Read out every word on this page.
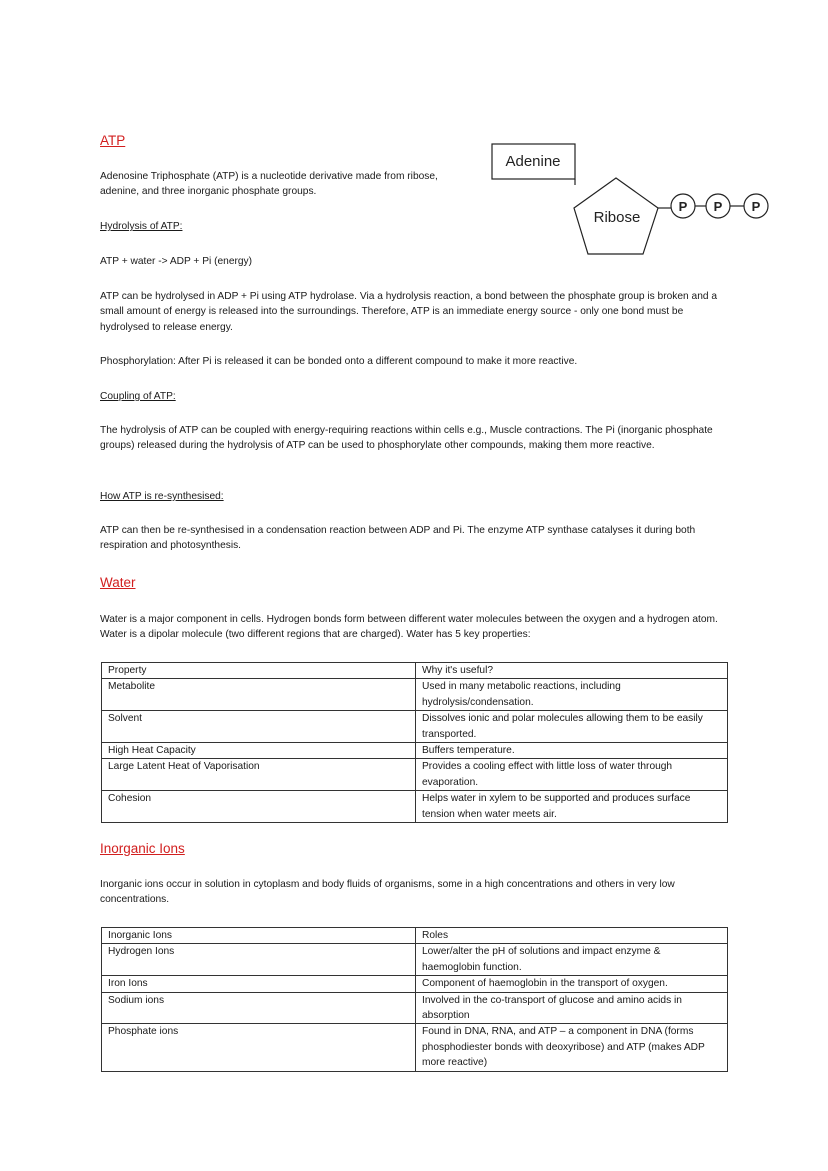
ATP

Adenosine Triphosphate (ATP) is a nucleotide derivative made from ribose, adenine, and three inorganic phosphate groups.

Hydrolysis of ATP:

ATP + water -> ADP + Pi (energy)

ATP can be hydrolysed in ADP + Pi using ATP hydrolase. Via a hydrolysis reaction, a bond between the phosphate group is broken and a small amount of energy is released into the surroundings. Therefore, ATP is an immediate energy source - only one bond must be hydrolysed to release energy.

Phosphorylation: After Pi is released it can be bonded onto a different compound to make it more reactive.

Coupling of ATP:

The hydrolysis of ATP can be coupled with energy-requiring reactions within cells e.g., Muscle contractions. The Pi (inorganic phosphate groups) released during the hydrolysis of ATP can be used to phosphorylate other compounds, making them more reactive.

How ATP is re-synthesised:

ATP can then be re-synthesised in a condensation reaction between ADP and Pi. The enzyme ATP synthase catalyses it during both respiration and photosynthesis.

Adenine
Ribose
P P P
Water

Water is a major component in cells. Hydrogen bonds form between different water molecules between the oxygen and a hydrogen atom. Water is a dipolar molecule (two different regions that are charged). Water has 5 key properties:

Property	Why it's useful?
Metabolite	Used in many metabolic reactions, including hydrolysis/condensation.
Solvent	Dissolves ionic and polar molecules allowing them to be easily transported.
High Heat Capacity	Buffers temperature.
Large Latent Heat of Vaporisation	Provides a cooling effect with little loss of water through evaporation.
Cohesion	Helps water in xylem to be supported and produces surface tension when water meets air.
Inorganic Ions

Inorganic ions occur in solution in cytoplasm and body fluids of organisms, some in a high concentrations and others in very low concentrations.

Inorganic Ions	Roles
Hydrogen Ions	Lower/alter the pH of solutions and impact enzyme & haemoglobin function.
Iron Ions	Component of haemoglobin in the transport of oxygen.
Sodium ions	Involved in the co-transport of glucose and amino acids in absorption
Phosphate ions	Found in DNA, RNA, and ATP – a component in DNA (forms phosphodiester bonds with deoxyribose) and ATP (makes ADP more reactive)
